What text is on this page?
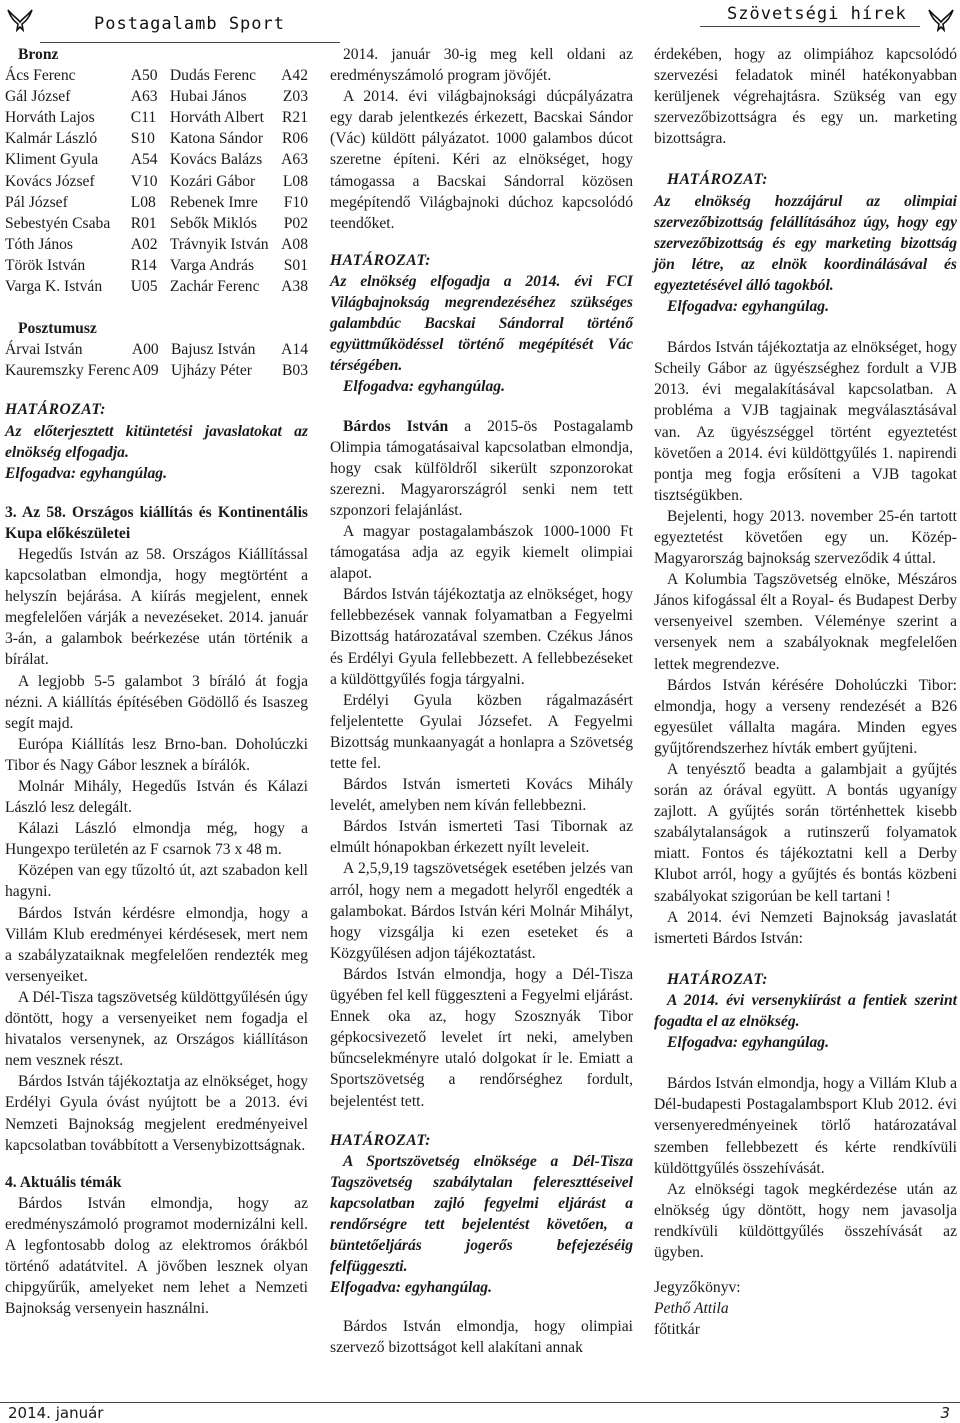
Postagalamb Sport	Szövetségi hírek

Bronz

Ács Ferenc	A50	Dudás Ferenc	A42
Gál József	A63	Hubai János	Z03
Horváth Lajos	C11	Horváth Albert	R21
Kalmár László	S10	Katona Sándor	R06
Kliment Gyula	A54	Kovács Balázs	A63
Kovács József	V10	Kozári Gábor	L08
Pál József	L08	Rebenek Imre	F10
Sebestyén Csaba	R01	Sebők Miklós	P02
Tóth János	A02	Trávnyik István	A08
Török István	R14	Varga András	S01
Varga K. István	U05	Zachár Ferenc	A38

Posztumusz

Árvai István	A00	Bajusz István	A14
Kauremszky Ferenc	A09	Ujházy Péter	B03

HATÁROZAT:

Az előterjesztett kitüntetési javaslatokat az elnökség elfogadja.

Elfogadva: egyhangúlag.

3. Az 58. Országos kiállítás és Kontinentális Kupa előkészületei

Hegedűs István az 58. Országos Kiállítással kapcsolatban elmondja, hogy megtörtént a helyszín bejárása. A kiírás megjelent, ennek megfelelően várják a nevezéseket. 2014. január 3-án, a galambok beérkezése után történik a bírálat.

A legjobb 5-5 galambot 3 bíráló át fogja nézni. A kiállítás építésében Gödöllő és Isaszeg segít majd.

Európa Kiállítás lesz Brno-ban. Doholúczki Tibor és Nagy Gábor lesznek a bírálók.

Molnár Mihály, Hegedűs István és Kálazi László lesz delegált.

Kálazi László elmondja még, hogy a Hungexpo területén az F csarnok 73 x 48 m.

Középen van egy tűzoltó út, azt szabadon kell hagyni.

Bárdos István kérdésre elmondja, hogy a Villám Klub eredményei kérdésesek, mert nem a szabályzataiknak megfelelően rendezték meg versenyeiket.

A Dél-Tisza tagszövetség küldöttgyűlésén úgy döntött, hogy a versenyeiket nem fogadja el hivatalos versenynek, az Országos kiállításon nem vesznek részt.

Bárdos István tájékoztatja az elnökséget, hogy Erdélyi Gyula óvást nyújtott be a 2013. évi Nemzeti Bajnokság megjelent eredményeivel kapcsolatban továbbított a Versenybizottságnak.

4. Aktuális témák

Bárdos István elmondja, hogy az eredményszámoló programot modernizálni kell. A legfontosabb dolog az elektromos órákból történő adatátvitel. A jövőben lesznek olyan chipgyűrűk, amelyeket nem lehet a Nemzeti Bajnokság versenyein használni.

2014. január 30-ig meg kell oldani az eredményszámoló program jövőjét.

A 2014. évi világbajnoksági dúcpályázatra egy darab jelentkezés érkezett, Bacskai Sándor (Vác) küldött pályázatot. 1000 galambos dúcot szeretne építeni. Kéri az elnökséget, hogy támogassa a Bacskai Sándorral közösen megépítendő Világbajnoki dúchoz kapcsolódó teendőket.

HATÁROZAT:

Az elnökség elfogadja a 2014. évi FCI Világbajnokság megrendezéséhez szükséges galambdúc Bacskai Sándorral történő együttműködéssel történő megépítését Vác térségében.

Elfogadva: egyhangúlag.

Bárdos István a 2015-ös Postagalamb Olimpia támogatásaival kapcsolatban elmondja, hogy csak külföldről sikerült szponzorokat szerezni. Magyarországról senki nem tett szponzori felajánlást.

A magyar postagalambászok 1000-1000 Ft támogatása adja az egyik kiemelt olimpiai alapot.

Bárdos István tájékoztatja az elnökséget, hogy fellebbezések vannak folyamatban a Fegyelmi Bizottság határozatával szemben. Czékus János és Erdélyi Gyula fellebbezett. A fellebbezéseket a küldöttgyűlés fogja tárgyalni.

Erdélyi Gyula közben rágalmazásért feljelentette Gyulai Józsefet. A Fegyelmi Bizottság munkaanyagát a honlapra a Szövetség tette fel.

Bárdos István ismerteti Kovács Mihály levelét, amelyben nem kíván fellebbezni.

Bárdos István ismerteti Tasi Tibornak az elmúlt hónapokban érkezett nyílt leveleit.

A 2,5,9,19 tagszövetségek esetében jelzés van arról, hogy nem a megadott helyről engedték a galambokat. Bárdos István kéri Molnár Mihályt, hogy vizsgálja ki ezen eseteket és a Közgyűlésen adjon tájékoztatást.

Bárdos István elmondja, hogy a Dél-Tisza ügyében fel kell függeszteni a Fegyelmi eljárást. Ennek oka az, hogy Szosznyák Tibor gépkocsivezető levelet írt neki, amelyben bűncselekményre utaló dolgokat ír le. Emiatt a Sportszövetség a rendőrséghez fordult, bejelentést tett.

HATÁROZAT:

A Sportszövetség elnöksége a Dél-Tisza Tagszövetség szabálytalan felereszttéseivel kapcsolatban zajló fegyelmi eljárást a rendőrségre tett bejelentést követően, a büntetőeljárás jogerős befejezéséig felfüggeszti.

Elfogadva: egyhangúlag.

Bárdos István elmondja, hogy olimpiai szervező bizottságot kell alakítani annak

érdekében, hogy az olimpiához kapcsolódó szervezési feladatok minél hatékonyabban kerüljenek végrehajtásra. Szükség van egy szervezőbizottságra és egy un. marketing bizottságra.

HATÁROZAT:

Az elnökség hozzájárul az olimpiai szervezőbizottság felállításához úgy, hogy egy szervezőbizottság és egy marketing bizottság jön létre, az elnök koordinálásával és egyeztetésével álló tagokból.

Elfogadva: egyhangúlag.

Bárdos István tájékoztatja az elnökséget, hogy Scheily Gábor az ügyészséghez fordult a VJB 2013. évi megalakításával kapcsolatban. A probléma a VJB tagjainak megválasztásával van. Az ügyészséggel történt egyeztetést követően a 2014. évi küldöttgyűlés 1. napirendi pontja meg fogja erősíteni a VJB tagokat tisztségükben.

Bejelenti, hogy 2013. november 25-én tartott egyeztetést követően egy un. Közép-Magyarország bajnokság szerveződik 4 úttal.

A Kolumbia Tagszövetség elnöke, Mészáros János kifogással élt a Royal- és Budapest Derby versenyeivel szemben. Véleménye szerint a versenyek nem a szabályoknak megfelelően lettek megrendezve.

Bárdos István kérésére Doholúczki Tibor: elmondja, hogy a verseny rendezését a B26 egyesület vállalta magára. Minden egyes gyűjtőrendszerhez hívták embert gyűjteni.

A tenyésztő beadta a galambjait a gyűjtés során az órával együtt. A bontás ugyanígy zajlott. A gyűjtés során történhettek kisebb szabálytalanságok a rutinszerű folyamatok miatt. Fontos és tájékoztatni kell a Derby Klubot arról, hogy a gyűjtés és bontás közbeni szabályokat szigorúan be kell tartani !

A 2014. évi Nemzeti Bajnokság javaslatát ismerteti Bárdos István:

HATÁROZAT:

A 2014. évi versenykiírást a fentiek szerint fogadta el az elnökség.

Elfogadva: egyhangúlag.

Bárdos István elmondja, hogy a Villám Klub a Dél-budapesti Postagalambsport Klub 2012. évi versenyeredményeinek törlő határozatával szemben fellebbezett és kérte rendkívüli küldöttgyűlés összehívását.

Az elnökségi tagok megkérdezése után az elnökség úgy döntött, hogy nem javasolja rendkívüli küldöttgyűlés összehívását az ügyben.

Jegyzőkönyv:

Pethő Attila

főtitkár

2014. január	3
